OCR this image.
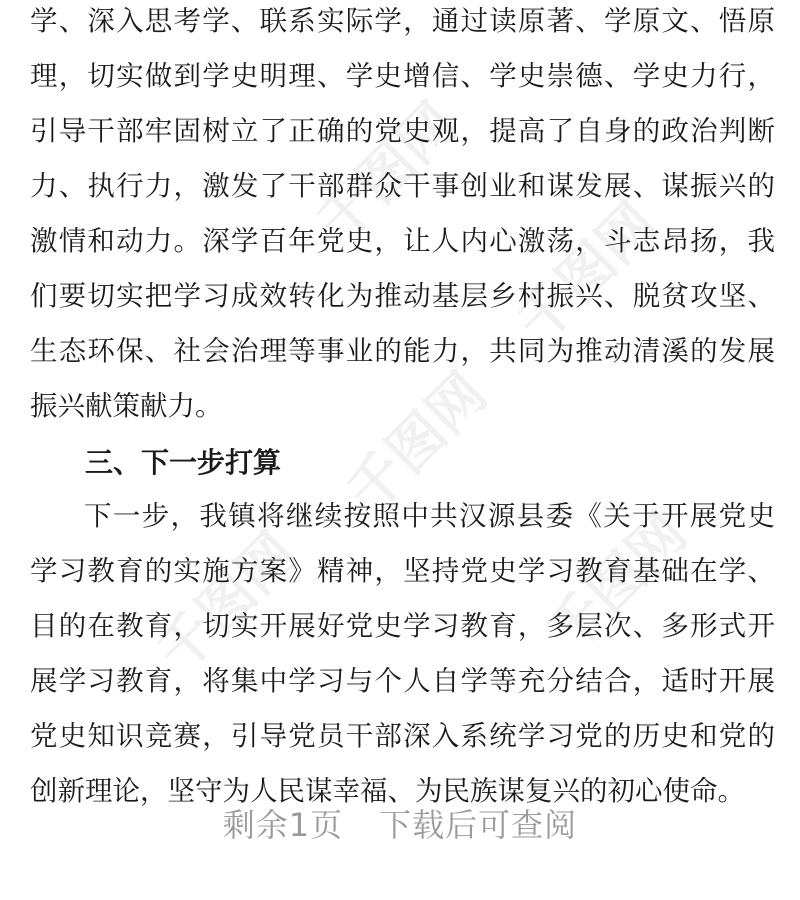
千图网
千图网
千图网
千图网	千图网
学、深入思考学、联系实际学，通过读原著、学原文、悟原
理，切实做到学史明理、学史增信、学史崇德、学史力行，
引导干部牢固树立了正确的党史观，提高了自身的政治判断
力、执行力，激发了干部群众干事创业和谋发展、谋振兴的
激情和动力。深学百年党史，让人内心激荡，斗志昂扬，我
们要切实把学习成效转化为推动基层乡村振兴、脱贫攻坚、
生态环保、社会治理等事业的能力，共同为推动清溪的发展
振兴献策献力。
三、下一步打算
下一步，我镇将继续按照中共汉源县委《关于开展党史
学习教育的实施方案》精神，坚持党史学习教育基础在学、
目的在教育，切实开展好党史学习教育，多层次、多形式开
展学习教育，将集中学习与个人自学等充分结合，适时开展
党史知识竞赛，引导党员干部深入系统学习党的历史和党的
创新理论，坚守为人民谋幸福、为民族谋复兴的初心使命。
剩余1页 下载后可查阅
